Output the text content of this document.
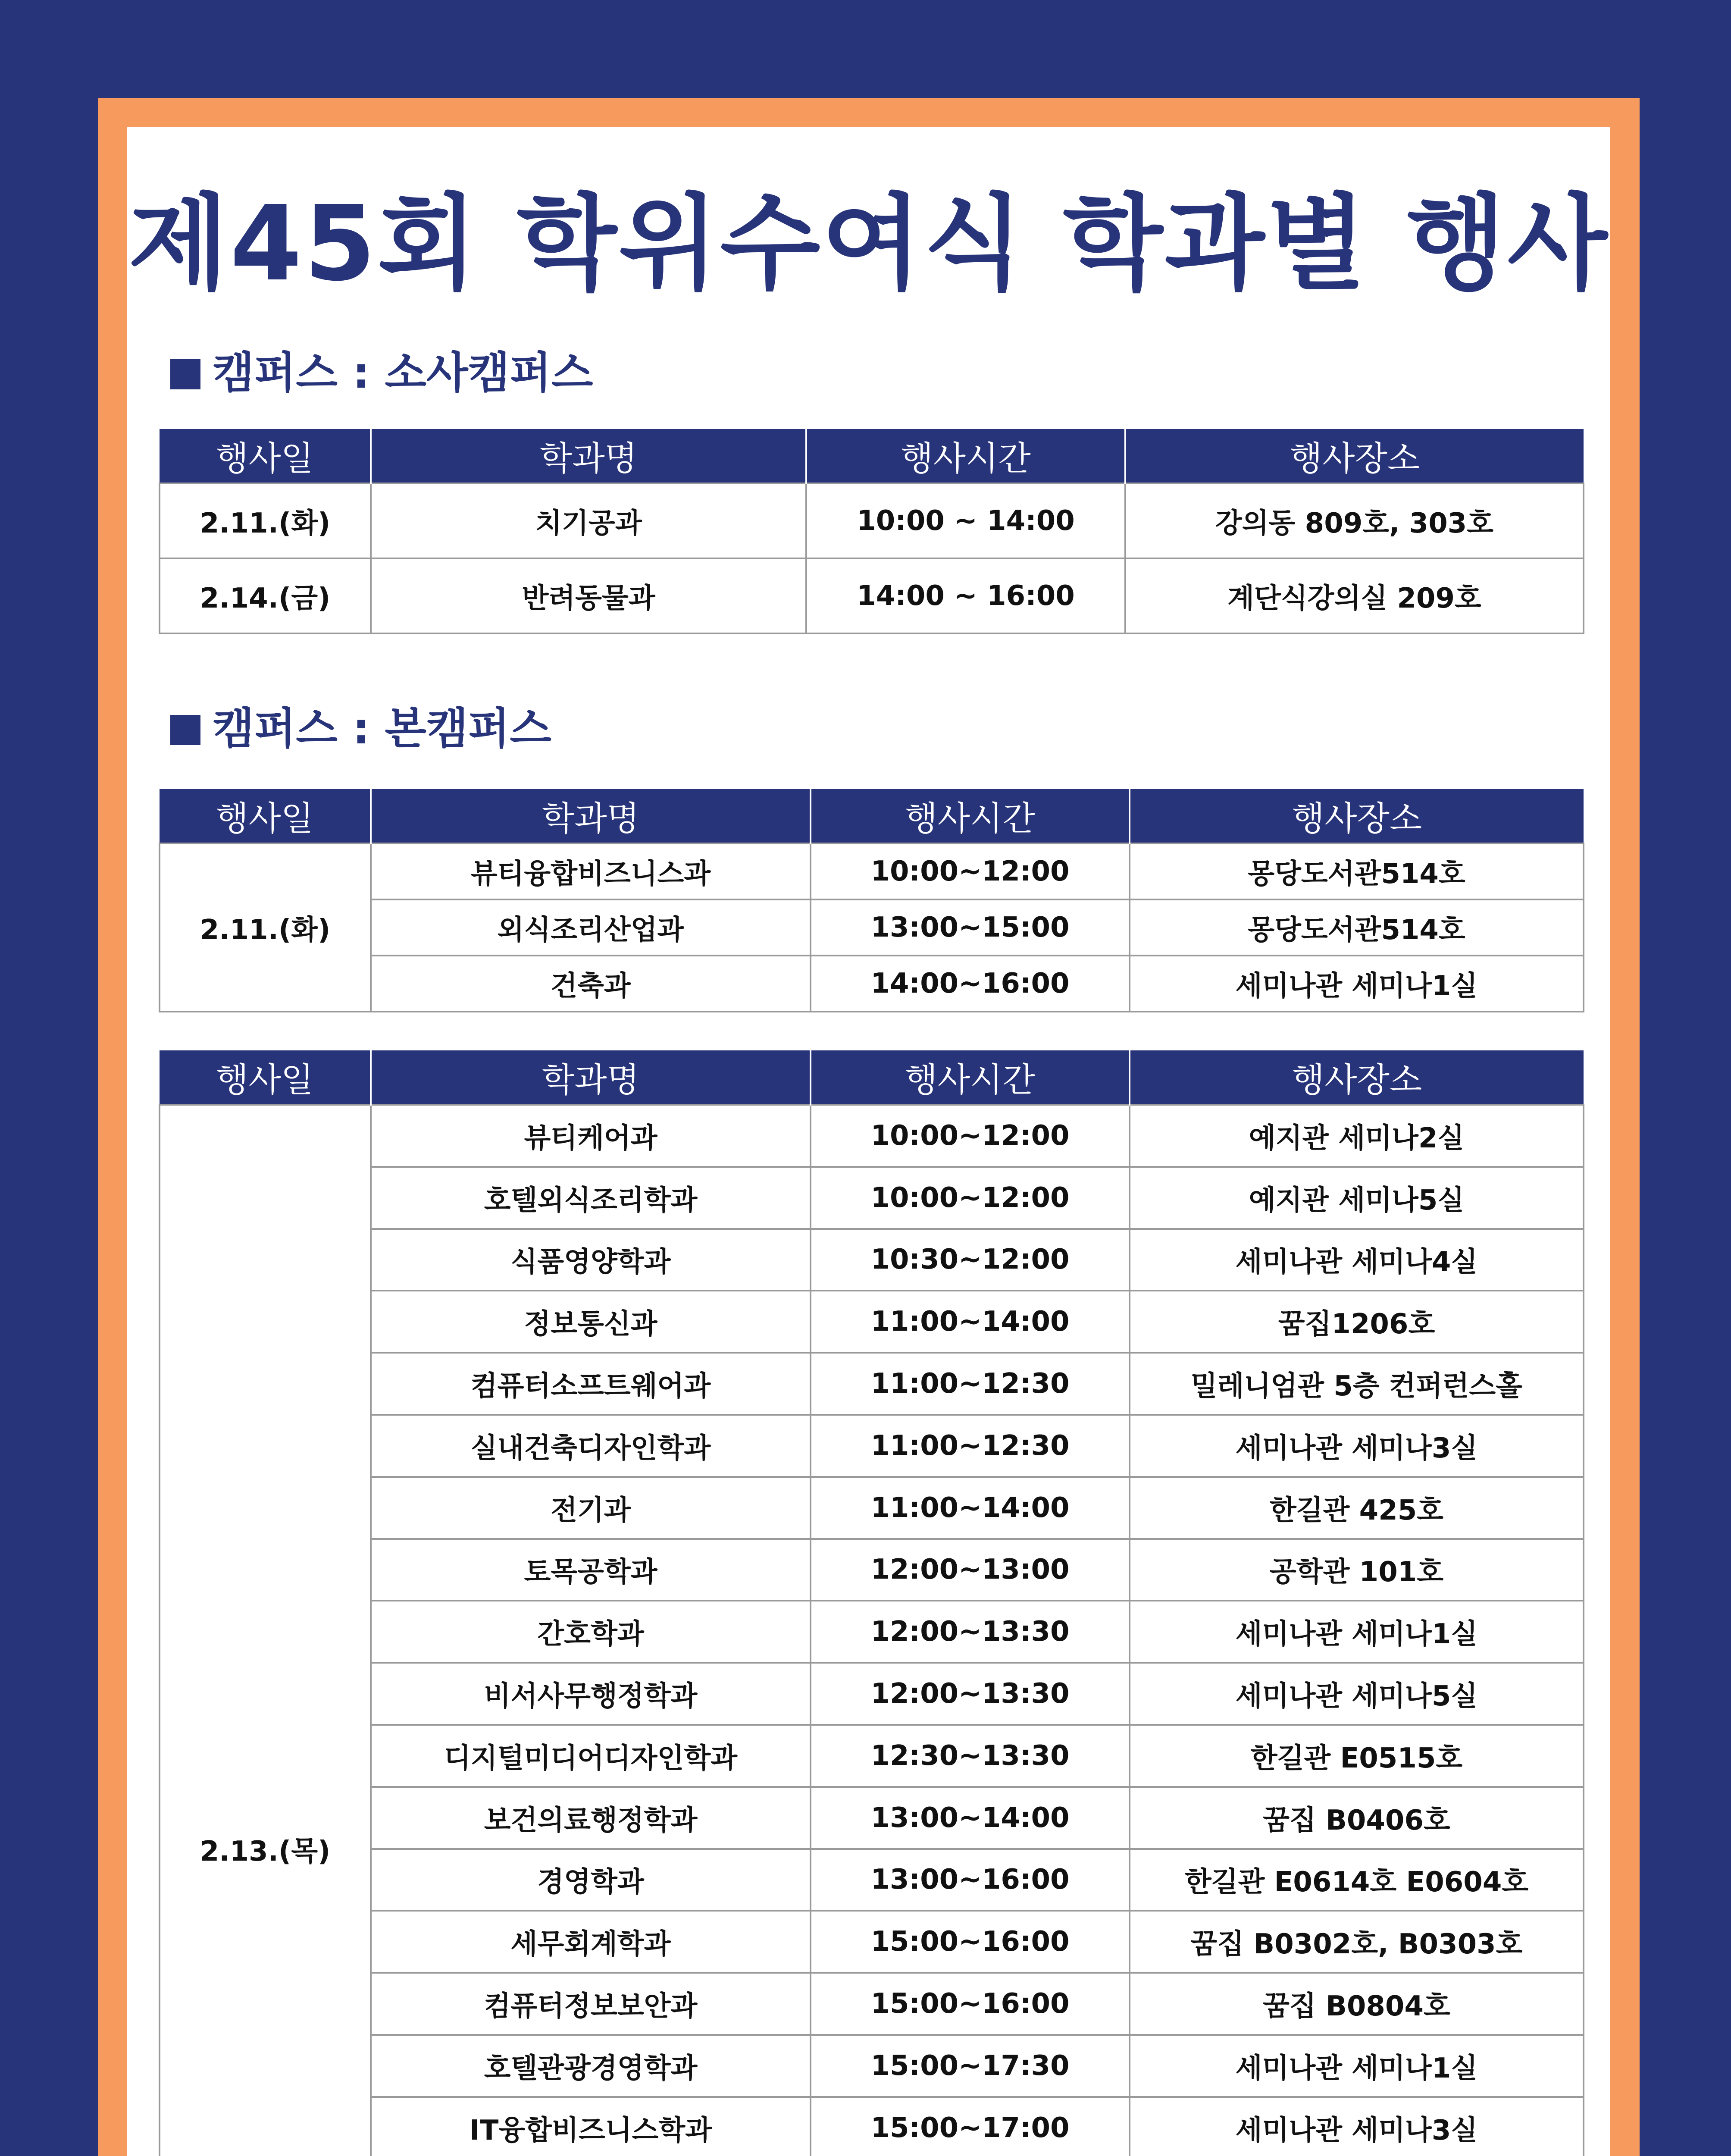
제45회 학위수여식 학과별 행사
캠퍼스 : 소사캠퍼스
행사일	학과명	행사시간	행사장소
2.11.(화)	치기공과	10:00 ~ 14:00	강의동 809호, 303호
2.14.(금)	반려동물과	14:00 ~ 16:00	계단식강의실 209호
캠퍼스 : 본캠퍼스
행사일	학과명	행사시간	행사장소
2.11.(화)	뷰티융합비즈니스과	10:00~12:00	몽당도서관514호
	외식조리산업과	13:00~15:00	몽당도서관514호
	건축과	14:00~16:00	세미나관 세미나1실
행사일	학과명	행사시간	행사장소
2.13.(목)	뷰티케어과	10:00~12:00	예지관 세미나2실
	호텔외식조리학과	10:00~12:00	예지관 세미나5실
	식품영양학과	10:30~12:00	세미나관 세미나4실
	정보통신과	11:00~14:00	꿈집1206호
	컴퓨터소프트웨어과	11:00~12:30	밀레니엄관 5층 컨퍼런스홀
	실내건축디자인학과	11:00~12:30	세미나관 세미나3실
	전기과	11:00~14:00	한길관 425호
	토목공학과	12:00~13:00	공학관 101호
	간호학과	12:00~13:30	세미나관 세미나1실
	비서사무행정학과	12:00~13:30	세미나관 세미나5실
	디지털미디어디자인학과	12:30~13:30	한길관 E0515호
	보건의료행정학과	13:00~14:00	꿈집 B0406호
	경영학과	13:00~16:00	한길관 E0614호 E0604호
	세무회계학과	15:00~16:00	꿈집 B0302호, B0303호
	컴퓨터정보보안과	15:00~16:00	꿈집 B0804호
	호텔관광경영학과	15:00~17:30	세미나관 세미나1실
	IT융합비즈니스학과	15:00~17:00	세미나관 세미나3실
